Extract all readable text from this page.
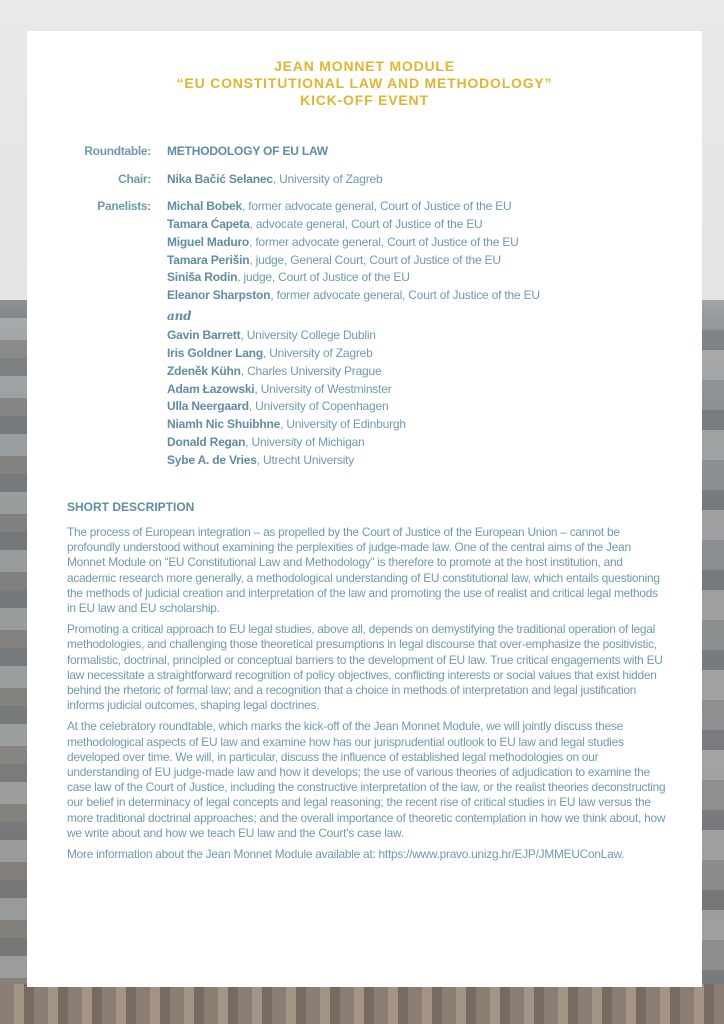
JEAN MONNET MODULE
“EU CONSTITUTIONAL LAW AND METHODOLOGY”
KICK-OFF EVENT
Roundtable: METHODOLOGY OF EU LAW
Chair: Nika Bačić Selanec, University of Zagreb
Panelists: Michal Bobek, former advocate general, Court of Justice of the EU
Tamara Ćapeta, advocate general, Court of Justice of the EU
Miguel Maduro, former advocate general, Court of Justice of the EU
Tamara Perišin, judge, General Court, Court of Justice of the EU
Siniša Rodin, judge, Court of Justice of the EU
Eleanor Sharpston, former advocate general, Court of Justice of the EU
and
Gavin Barrett, University College Dublin
Iris Goldner Lang, University of Zagreb
Zdeněk Kühn, Charles University Prague
Adam Łazowski, University of Westminster
Ulla Neergaard, University of Copenhagen
Niamh Nic Shuibhne, University of Edinburgh
Donald Regan, University of Michigan
Sybe A. de Vries, Utrecht University
SHORT DESCRIPTION

The process of European integration – as propelled by the Court of Justice of the European Union – cannot be profoundly understood without examining the perplexities of judge-made law. One of the central aims of the Jean Monnet Module on “EU Constitutional Law and Methodology” is therefore to promote at the host institution, and academic research more generally, a methodological understanding of EU constitutional law, which entails questioning the methods of judicial creation and interpretation of the law and promoting the use of realist and critical legal methods in EU law and EU scholarship.

Promoting a critical approach to EU legal studies, above all, depends on demystifying the traditional operation of legal methodologies, and challenging those theoretical presumptions in legal discourse that over-emphasize the positivistic, formalistic, doctrinal, principled or conceptual barriers to the development of EU law. True critical engagements with EU law necessitate a straightforward recognition of policy objectives, conflicting interests or social values that exist hidden behind the rhetoric of formal law; and a recognition that a choice in methods of interpretation and legal justification informs judicial outcomes, shaping legal doctrines.

At the celebratory roundtable, which marks the kick-off of the Jean Monnet Module, we will jointly discuss these methodological aspects of EU law and examine how has our jurisprudential outlook to EU law and legal studies developed over time. We will, in particular, discuss the influence of established legal methodologies on our understanding of EU judge-made law and how it develops; the use of various theories of adjudication to examine the case law of the Court of Justice, including the constructive interpretation of the law, or the realist theories deconstructing our belief in determinacy of legal concepts and legal reasoning; the recent rise of critical studies in EU law versus the more traditional doctrinal approaches; and the overall importance of theoretic contemplation in how we think about, how we write about and how we teach EU law and the Court’s case law.

More information about the Jean Monnet Module available at: https://www.pravo.unizg.hr/EJP/JMMEUConLaw.
